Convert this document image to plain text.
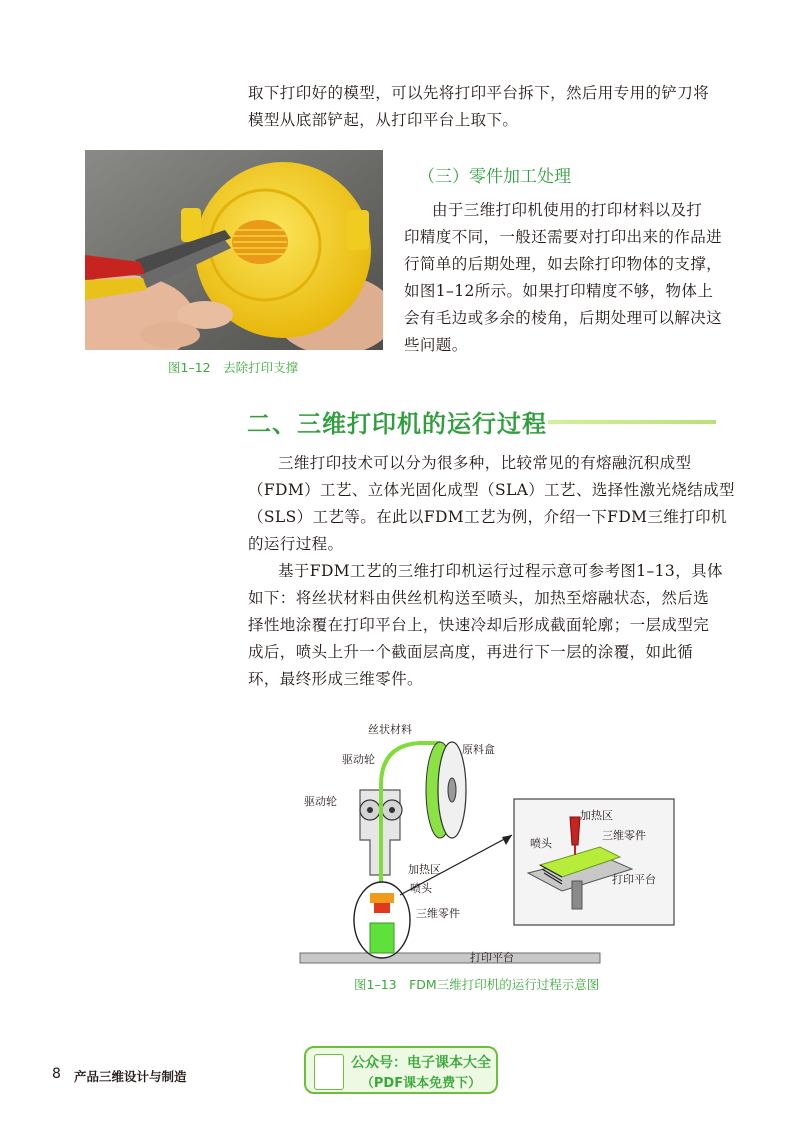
取下打印好的模型，可以先将打印平台拆下，然后用专用的铲刀将
模型从底部铲起，从打印平台上取下。
图1–12　去除打印支撑
（三）零件加工处理
由于三维打印机使用的打印材料以及打
印精度不同，一般还需要对打印出来的作品进
行简单的后期处理，如去除打印物体的支撑，
如图1–12所示。如果打印精度不够，物体上
会有毛边或多余的棱角，后期处理可以解决这
些问题。
二、三维打印机的运行过程
三维打印技术可以分为很多种，比较常见的有熔融沉积成型
（FDM）工艺、立体光固化成型（SLA）工艺、选择性激光烧结成型
（SLS）工艺等。在此以FDM工艺为例，介绍一下FDM三维打印机
的运行过程。
基于FDM工艺的三维打印机运行过程示意可参考图1–13，具体
如下：将丝状材料由供丝机构送至喷头，加热至熔融状态，然后选
择性地涂覆在打印平台上，快速冷却后形成截面轮廓；一层成型完
成后，喷头上升一个截面层高度，再进行下一层的涂覆，如此循
环，最终形成三维零件。
丝状材料
驱动轮
驱动轮
原料盒
加热区
喷头
三维零件
打印平台
加热区
喷头
三维零件
打印平台
图1–13　FDM三维打印机的运行过程示意图
8 产品三维设计与制造
公众号：电子课本大全
（PDF课本免费下）
